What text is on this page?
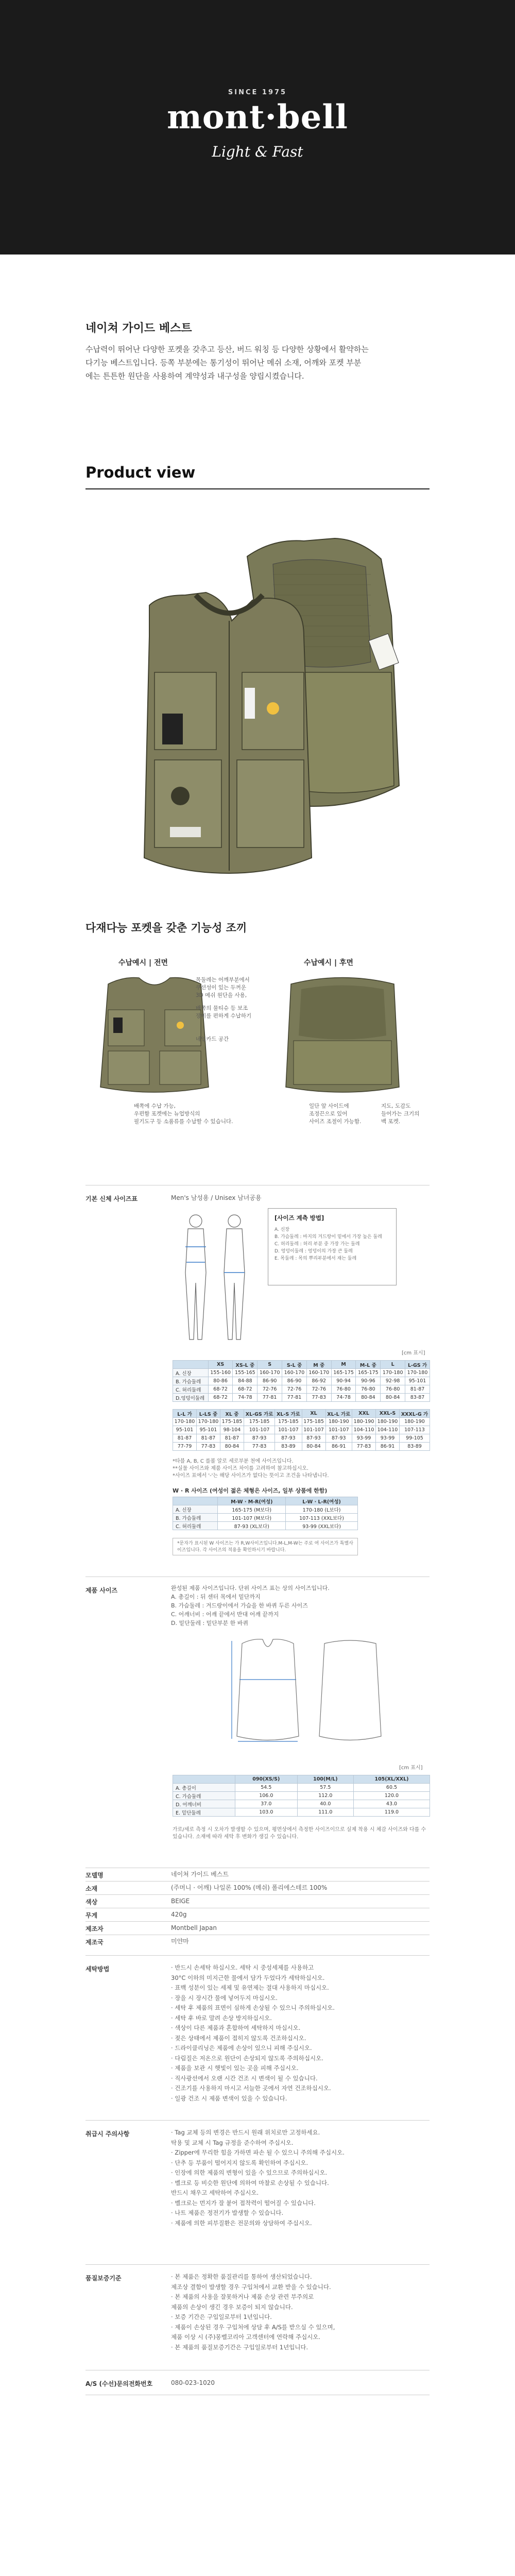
SINCE 1975
mont·bell
Light & Fast
네이쳐 가이드 베스트
수납력이 뛰어난 다양한 포켓을 갖추고 등산, 버드 워칭 등 다양한 상황에서 활약하는
다기능 베스트입니다. 등쪽 부분에는 통기성이 뛰어난 메쉬 소재, 어깨와 포켓 부분
에는 튼튼한 원단을 사용하여 계약성과 내구성을 양립시켰습니다.
Product view
다재다능 포켓을 갖춘 기능성 조끼
수납예시 | 전면	수납예시 | 후면
목둘레는 어깨부분에서
쿠션성이 있는 두꺼운
3D 메쉬 원단을 사용,
배쪽의 물티슈 등 보조
장비를 편하게 수납하기
네임카드 공간
배쪽에 수납 가능,
우편함 포켓에는 뉴업방식의
필기도구 등 소품류를 수납할 수 있습니다.
일단 앞 사이드에
조정끈으로 있어
사이즈 조절이 가능함.
지도, 도감도
들어가는 크기의
백 포켓.
기본 신체 사이즈표	Men's 남성용 / Unisex 남녀공용
[사이즈 계측 방법]
A. 신장
B. 가슴둘레 : 바지의 겨드랑이 밑에서 가장 높은 둘레
C. 허리둘레 : 허리 부분 중 가장 가는 둘레
D. 엉덩이둘레 : 엉덩이의 가장 큰 둘레
E. 목둘레 : 목의 뿌리부분에서 재는 둘레
[cm 표시]
	XS	XS-L 중	S	S-L 중	M 중	M	M-L 중	L	L-GS 가
A. 신장	155-160	155-165	160-170	160-170	160-170	165-175	165-175	170-180	170-180
B. 가슴둘레	80-86	84-88	86-90	86-90	86-92	90-94	90-96	92-98	95-101
C. 허리둘레	68-72	68-72	72-76	72-76	72-76	76-80	76-80	76-80	81-87
D.엉덩이둘레	68-72	74-78	77-81	77-81	77-83	74-78	80-84	80-84	83-87
L-L 가	L-LS 중	XL 중	XL-GS 가로	XL-S 가로	XL	XL-L 가로	XXL	XXL-S	XXXL-G 가
170-180	170-180	175-185	175-185	175-185	175-185	180-190	180-190	180-190	180-190
95-101	95-101	98-104	101-107	101-107	101-107	101-107	104-110	104-110	107-113
81-87	81-87	81-87	87-93	87-93	87-93	87-93	93-99	93-99	99-105
77-79	77-83	80-84	77-83	83-89	80-84	86-91	77-83	86-91	83-89
*타블 A, B, C 를볼 알로 세로부분 천에 사이즈입니다.
**실물 사이즈와 제품 사이즈 차이를 고려하여 참고하십시오.
*사이즈 표에서 '-'는 해당 사이즈가 없다는 뜻이고 조건을 나타냅니다.
W · R 사이즈 (여성이 젊은 체형은 사이즈, 일부 상품에 한함)
	M-W · M-R(여성)	L-W · L-R(여성)
A. 신장	165-175 (M보다)	170-180 (L보다)
B. 가슴둘레	101-107 (M보다)	107-113 (XXL보다)
C. 허리둘레	87-93 (XL보다)	93-99 (XXL보다)
*문자가 표시된 W 사이즈는 가 R,W사이즈입니다.M-L,M-W는 주로 여 사이즈가 특별사이즈입니다. 각 사이즈의 적용을 확인하시기 바랍니다.
제품 사이즈	완성된 제품 사이즈입니다. 단위 사이즈 표는 상의 사이즈입니다.
A. 총길이 : 뒤 센터 목에서 밑단까지
B. 가슴둘레 : 겨드랑이에서 가슴을 한 바퀴 두른 사이즈
C. 어깨너비 : 어깨 끝에서 반대 어깨 끝까지
D. 밑단둘레 : 밑단부분 한 바퀴
[cm 표시]
	090(XS/S)	100(M/L)	105(XL/XXL)
A. 총길이	54.5	57.5	60.5
C. 가슴둘레	106.0	112.0	120.0
D. 어깨너비	37.0	40.0	43.0
E. 밑단둘레	103.0	111.0	119.0
가로/세로 측정 시 오차가 발생할 수 있으며, 평면상에서 측정한 사이즈이므로 실제 착용 시 체감 사이즈와 다를 수 있습니다. 소재에 따라 세탁 후 변화가 생길 수 있습니다.
모델명	네이쳐 가이드 베스트
소재	(주머니 · 어깨) 나일론 100% (메쉬) 폴리에스테르 100%
색상	BEIGE
무게	420g
제조자	Montbell Japan
제조국	미얀마
세탁방법	· 반드시 손세탁 하십시오. 세탁 시 중성세제를 사용하고
30°C 이하의 미지근한 물에서 담가 두었다가 세탁하십시오.
· 표백 성분이 있는 세제 및 유연제는 절대 사용하지 마십시오.
· 장을 시 장시간 물에 넣어두지 마십시오.
· 세탁 후 제품의 표면이 심하게 손상될 수 있으니 주의하십시오.
· 세탁 후 바로 말려 손상 방지하십시오.
· 색상이 다른 제품과 혼합하여 세탁하지 마십시오.
· 젖은 상태에서 제품이 접히지 않도록 건조하십시오.
· 드라이클리닝은 제품에 손상이 있으니 피해 주십시오.
· 다림질은 저온으로 원단이 손상되지 않도록 주의하십시오.
· 제품을 보관 시 햇빛이 있는 곳을 피해 주십시오.
· 직사광선에서 오랜 시간 건조 시 변색이 될 수 있습니다.
· 건조기를 사용하지 마시고 서늘한 곳에서 자연 건조하십시오.
· 일광 건조 시 제품 변색이 있을 수 있습니다.
취급시 주의사항	· Tag 교체 등의 변경은 반드시 원래 위치로만 고정하세요.
탁용 및 교체 시 Tag 규정을 준수하여 주십시오.
· Zipper에 무리한 힘을 가하면 파손 될 수 있으니 주의해 주십시오.
· 단추 등 부품이 떨어지지 않도록 확인하여 주십시오.
· 인장에 의한 제품의 변형이 있을 수 있으므로 주의하십시오.
· 벨크로 등 비슷한 원단에 의하여 마찰로 손상될 수 있습니다.
반드시 채우고 세탁하여 주십시오.
· 벨크로는 먼지가 잘 붙어 접착력이 떨어질 수 있습니다.
· 나트 제품은 정전기가 발생할 수 있습니다.
· 제품에 의한 피부질환은 전문의와 상담하여 주십시오.
품질보증기준	· 본 제품은 정확한 품질관리를 통하여 생산되었습니다.
제조상 결함이 발생할 경우 구입처에서 교환 받을 수 있습니다.
· 본 제품의 사용을 잘못하거나 제품 손상 관련 부주의로
제품의 손상이 생긴 경우 보증이 되지 않습니다.
· 보증 기간은 구입일로부터 1년입니다.
· 제품이 손상된 경우 구입처에 상담 후 A/S를 받으실 수 있으며,
제품 이상 시 (주)몽벨코리아 고객센터에 연락해 주십시오.
· 본 제품의 품질보증기간은 구입일로부터 1년입니다.
A/S (수선)문의전화번호	080-023-1020
